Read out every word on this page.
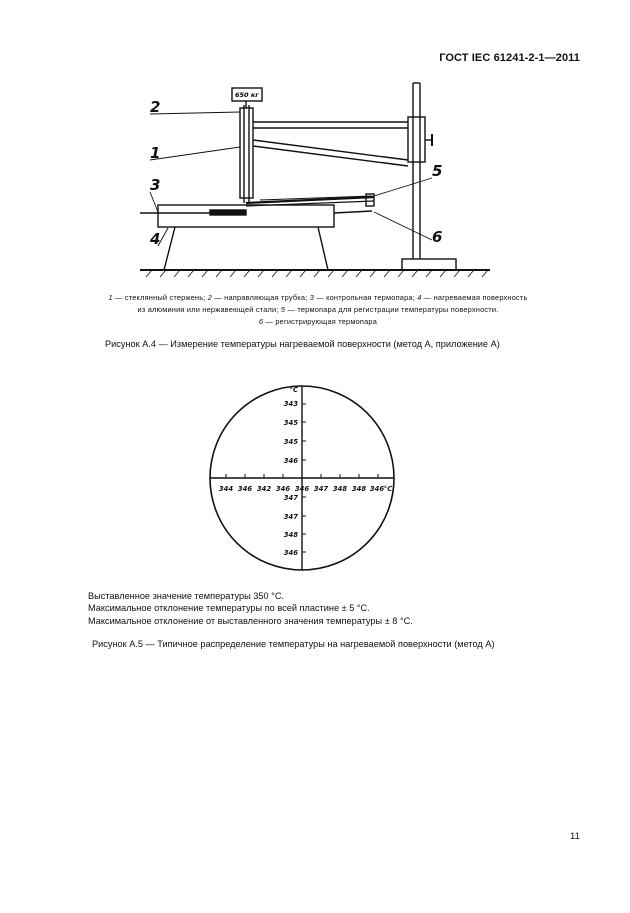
ГОСТ IEC 61241-2-1—2011
650 кг
2
1
3
4
5
6
1 — стеклянный стержень; 2 — направляющая трубка; 3 — контрольная термопара; 4 — нагреваемая поверхность
из алюминия или нержавеющей стали; 5 — термопара для регистрации температуры поверхности.
6 — регистрирующая термопара
Рисунок А.4 — Измерение температуры нагреваемой поверхности (метод А, приложение А)
°C
343
345
345
346
347
347
348
346
344 346 342 346 346 347 348 348 346 °C
Выставленное значение температуры 350 °С.
Максимальное отклонение температуры по всей пластине ± 5 °С.
Максимальное отклонение от выставленного значения температуры ± 8 °С.
Рисунок А.5 — Типичное распределение температуры на нагреваемой поверхности (метод А)
11
